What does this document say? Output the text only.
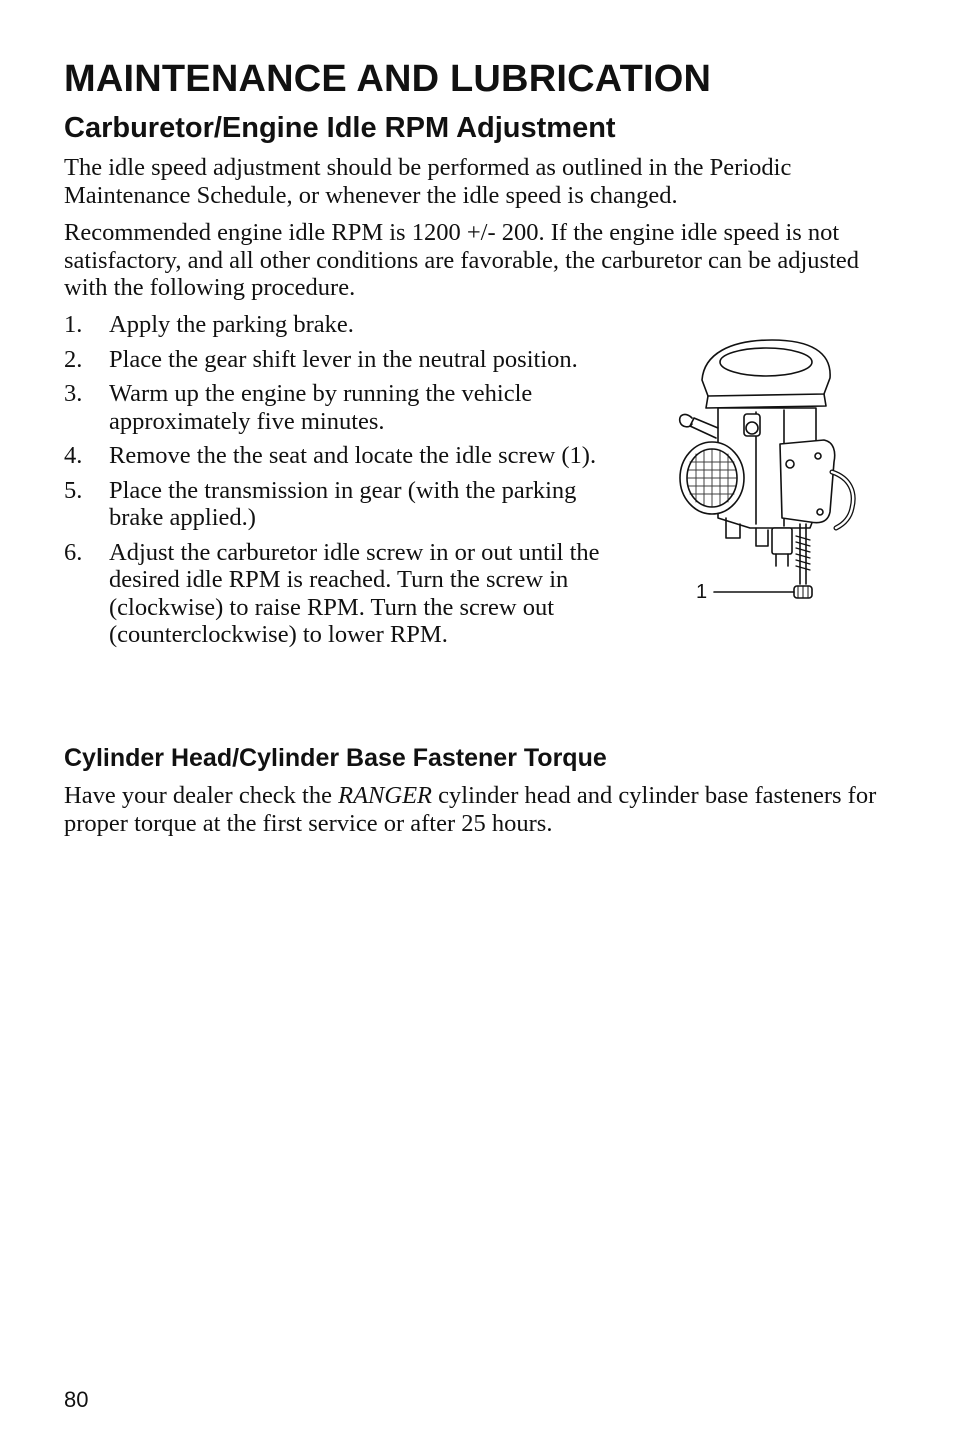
MAINTENANCE AND LUBRICATION
Carburetor/Engine Idle RPM Adjustment

The idle speed adjustment should be performed as outlined in the Periodic Maintenance Schedule, or whenever the idle speed is changed.

Recommended engine idle RPM is 1200 +/- 200. If the engine idle speed is not satisfactory, and all other conditions are favorable, the carburetor can be adjusted with the following procedure.

1. Apply the parking brake.
2. Place the gear shift lever in the neutral position.
3. Warm up the engine by running the vehicle approximately five minutes.
4. Remove the the seat and locate the idle screw (1).
5. Place the transmission in gear (with the parking brake applied.)
6. Adjust the carburetor idle screw in or out until the desired idle RPM is reached. Turn the screw in (clockwise) to raise RPM. Turn the screw out (counterclockwise) to lower RPM.
1
Cylinder Head/Cylinder Base Fastener Torque

Have your dealer check the RANGER cylinder head and cylinder base fasteners for proper torque at the first service or after 25 hours.

80
